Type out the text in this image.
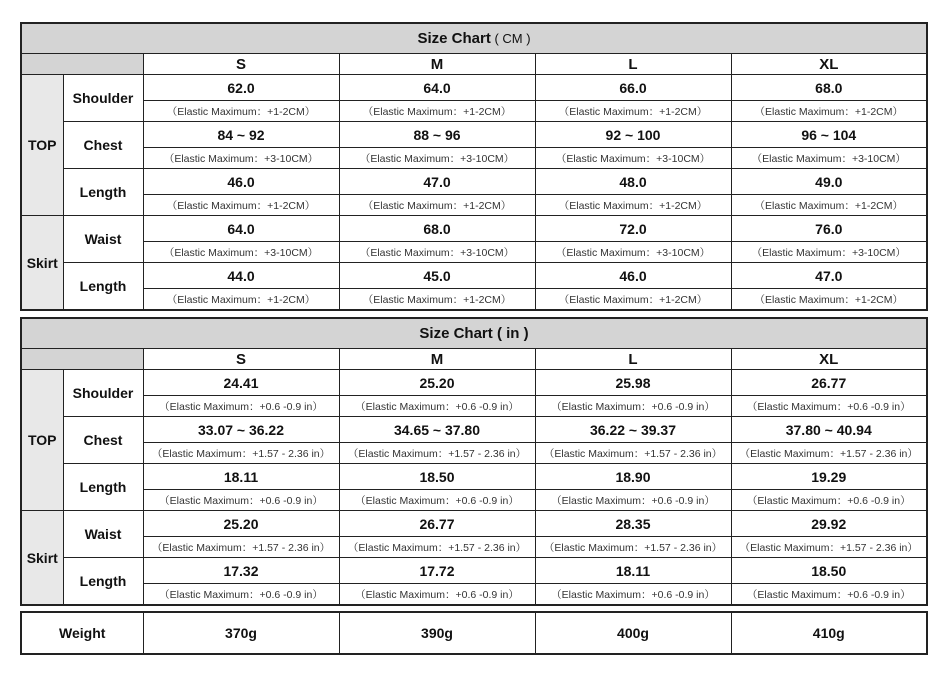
Size Chart ( CM )					
		S	M	L	XL
TOP	Shoulder	62.0	64.0	66.0	68.0
		（Elastic Maximum：+1-2CM）	（Elastic Maximum：+1-2CM）	（Elastic Maximum：+1-2CM）	（Elastic Maximum：+1-2CM）
	Chest	84 ~ 92	88 ~ 96	92 ~ 100	96 ~ 104
		（Elastic Maximum：+3-10CM）	（Elastic Maximum：+3-10CM）	（Elastic Maximum：+3-10CM）	（Elastic Maximum：+3-10CM）
	Length	46.0	47.0	48.0	49.0
		（Elastic Maximum：+1-2CM）	（Elastic Maximum：+1-2CM）	（Elastic Maximum：+1-2CM）	（Elastic Maximum：+1-2CM）
Skirt	Waist	64.0	68.0	72.0	76.0
		（Elastic Maximum：+3-10CM）	（Elastic Maximum：+3-10CM）	（Elastic Maximum：+3-10CM）	（Elastic Maximum：+3-10CM）
	Length	44.0	45.0	46.0	47.0
		（Elastic Maximum：+1-2CM）	（Elastic Maximum：+1-2CM）	（Elastic Maximum：+1-2CM）	（Elastic Maximum：+1-2CM）
Size Chart ( in )					
		S	M	L	XL
TOP	Shoulder	24.41	25.20	25.98	26.77
		（Elastic Maximum：+0.6 -0.9 in）	（Elastic Maximum：+0.6 -0.9 in）	（Elastic Maximum：+0.6 -0.9 in）	（Elastic Maximum：+0.6 -0.9 in）
	Chest	33.07 ~ 36.22	34.65 ~ 37.80	36.22 ~ 39.37	37.80 ~ 40.94
		（Elastic Maximum：+1.57 - 2.36 in）	（Elastic Maximum：+1.57 - 2.36 in）	（Elastic Maximum：+1.57 - 2.36 in）	（Elastic Maximum：+1.57 - 2.36 in）
	Length	18.11	18.50	18.90	19.29
		（Elastic Maximum：+0.6 -0.9 in）	（Elastic Maximum：+0.6 -0.9 in）	（Elastic Maximum：+0.6 -0.9 in）	（Elastic Maximum：+0.6 -0.9 in）
Skirt	Waist	25.20	26.77	28.35	29.92
		（Elastic Maximum：+1.57 - 2.36 in）	（Elastic Maximum：+1.57 - 2.36 in）	（Elastic Maximum：+1.57 - 2.36 in）	（Elastic Maximum：+1.57 - 2.36 in）
	Length	17.32	17.72	18.11	18.50
		（Elastic Maximum：+0.6 -0.9 in）	（Elastic Maximum：+0.6 -0.9 in）	（Elastic Maximum：+0.6 -0.9 in）	（Elastic Maximum：+0.6 -0.9 in）
Weight	370g	390g	400g	410g
